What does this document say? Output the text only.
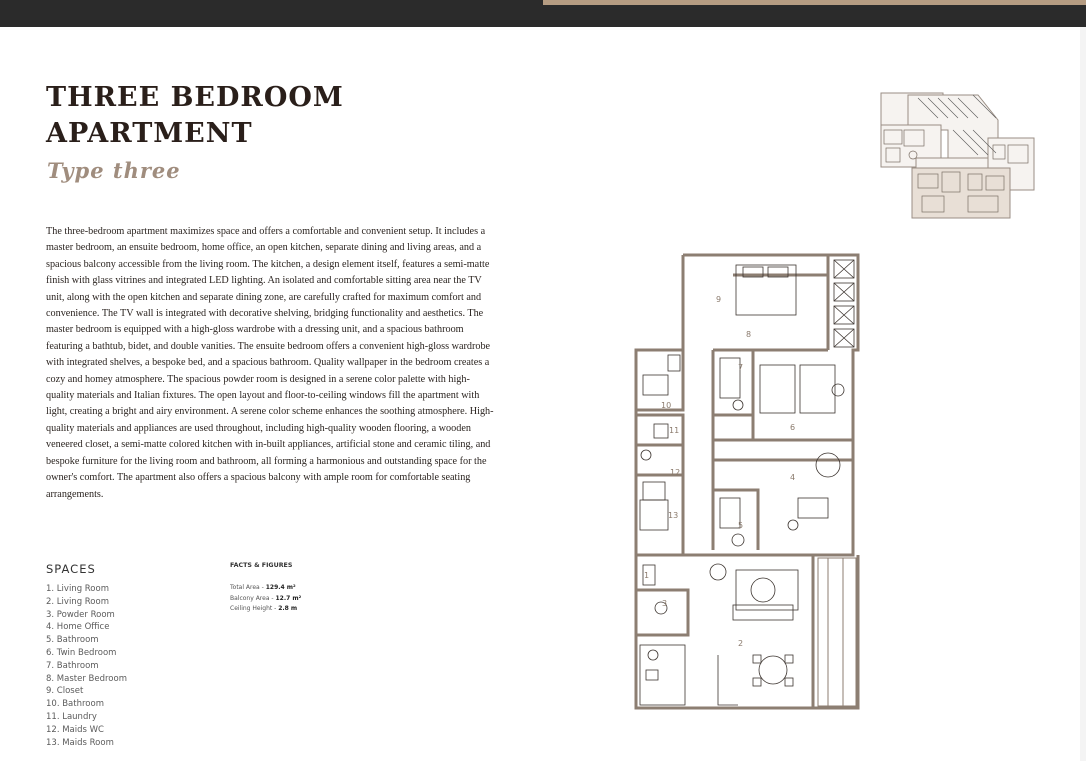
THREE BEDROOM
APARTMENT
Type three

The three-bedroom apartment maximizes space and offers a comfortable and convenient setup. It includes a master bedroom, an ensuite bedroom, home office, an open kitchen, separate dining and living areas, and a spacious balcony accessible from the living room. The kitchen, a design element itself, features a semi-matte finish with glass vitrines and integrated LED lighting. An isolated and comfortable sitting area near the TV unit, along with the open kitchen and separate dining zone, are carefully crafted for maximum comfort and convenience. The TV wall is integrated with decorative shelving, bridging functionality and aesthetics. The master bedroom is equipped with a high-gloss wardrobe with a dressing unit, and a spacious bathroom featuring a bathtub, bidet, and double vanities. The ensuite bedroom offers a convenient high-gloss wardrobe with integrated shelves, a bespoke bed, and a spacious bathroom. Quality wallpaper in the bedroom creates a cozy and homey atmosphere. The spacious powder room is designed in a serene color palette with high-quality materials and Italian fixtures. The open layout and floor-to-ceiling windows fill the apartment with light, creating a bright and airy environment. A serene color scheme enhances the soothing atmosphere. High-quality materials and appliances are used throughout, including high-quality wooden flooring, a wooden veneered closet, a semi-matte colored kitchen with in-built appliances, artificial stone and ceramic tiling, and bespoke furniture for the living room and bathroom, all forming a harmonious and outstanding space for the owner's comfort. The apartment also offers a spacious balcony with ample room for comfortable seating arrangements.

SPACES
1. Living Room
2. Living Room
3. Powder Room
4. Home Office
5. Bathroom
6. Twin Bedroom
7. Bathroom
8. Master Bedroom
9. Closet
10. Bathroom
11. Laundry
12. Maids WC
13. Maids Room
FACTS & FIGURES
Total Area - 129.4 m²
Balcony Area - 12.7 m²
Ceiling Height - 2.8 m
9
8
7
6
10
11
12
13
4
5
1
3
2
